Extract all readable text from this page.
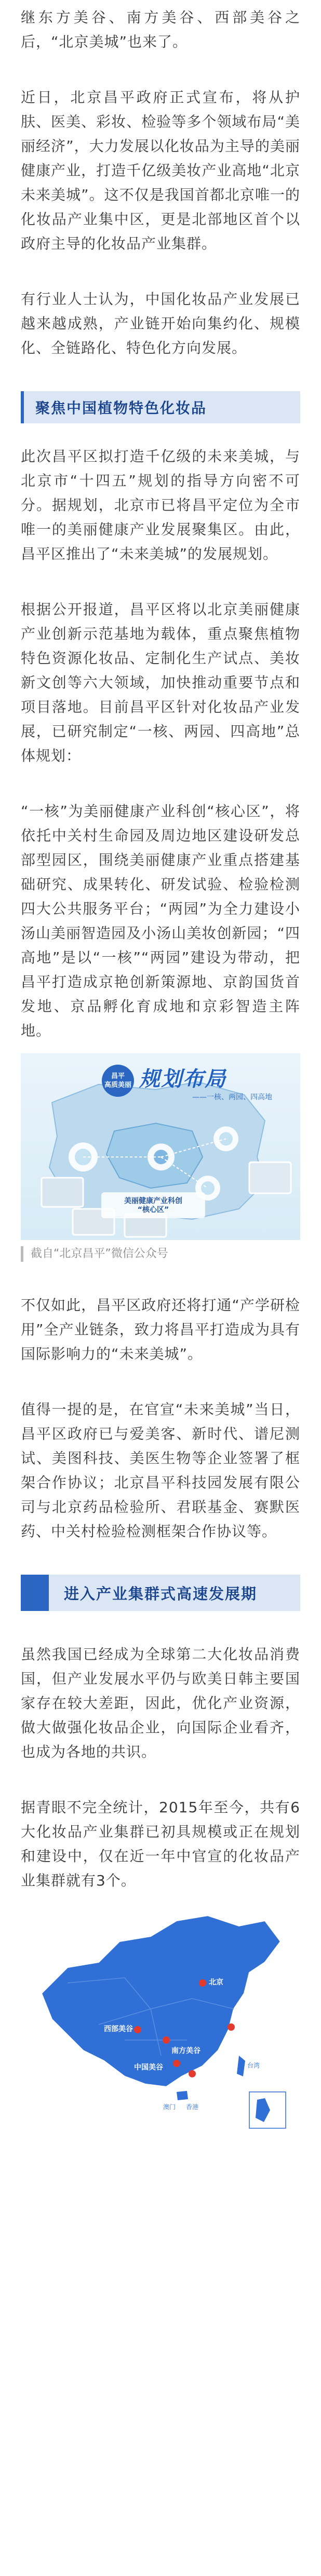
继东方美谷、南方美谷、西部美谷之后，“北京美城”也来了。

近日，北京昌平政府正式宣布，将从护肤、医美、彩妆、检验等多个领域布局“美丽经济”，大力发展以化妆品为主导的美丽健康产业，打造千亿级美妆产业高地“北京未来美城”。这不仅是我国首都北京唯一的化妆品产业集中区，更是北部地区首个以政府主导的化妆品产业集群。

有行业人士认为，中国化妆品产业发展已越来越成熟，产业链开始向集约化、规模化、全链路化、特色化方向发展。

聚焦中国植物特色化妆品

此次昌平区拟打造千亿级的未来美城，与北京市“十四五”规划的指导方向密不可分。据规划，北京市已将昌平定位为全市唯一的美丽健康产业发展聚集区。由此，昌平区推出了“未来美城”的发展规划。

根据公开报道，昌平区将以北京美丽健康产业创新示范基地为载体，重点聚焦植物特色资源化妆品、定制化生产试点、美妆新文创等六大领域，加快推动重要节点和项目落地。目前昌平区针对化妆品产业发展，已研究制定“一核、两园、四高地”总体规划：

“一核”为美丽健康产业科创“核心区”，将依托中关村生命园及周边地区建设研发总部型园区，围绕美丽健康产业重点搭建基础研究、成果转化、研发试验、检验检测四大公共服务平台；“两园”为全力建设小汤山美丽智造园及小汤山美妆创新园；“四高地”是以“一核”“两园”建设为带动，把昌平打造成京艳创新策源地、京韵国货首发地、京品孵化育成地和京彩智造主阵地。

昌平
高质美丽 规划布局
——一核、两园、四高地
美丽健康产业科创
“核心区”
截自“北京昌平”微信公众号

不仅如此，昌平区政府还将打通“产学研检用”全产业链条，致力将昌平打造成为具有国际影响力的“未来美城”。

值得一提的是，在官宣“未来美城”当日，昌平区政府已与爱美客、新时代、谱尼测试、美图科技、美医生物等企业签署了框架合作协议；北京昌平科技园发展有限公司与北京药品检验所、君联基金、赛默医药、中关村检验检测框架合作协议等。

进入产业集群式高速发展期

虽然我国已经成为全球第二大化妆品消费国，但产业发展水平仍与欧美日韩主要国家存在较大差距，因此，优化产业资源，做大做强化妆品企业，向国际企业看齐，也成为各地的共识。

据青眼不完全统计，2015年至今，共有6大化妆品产业集群已初具规模或正在规划和建设中，仅在近一年中官宣的化妆品产业集群就有3个。

北京
东方美谷
西部美谷
南方美谷
白云美湾
中国美谷
香港
澳门
台湾
